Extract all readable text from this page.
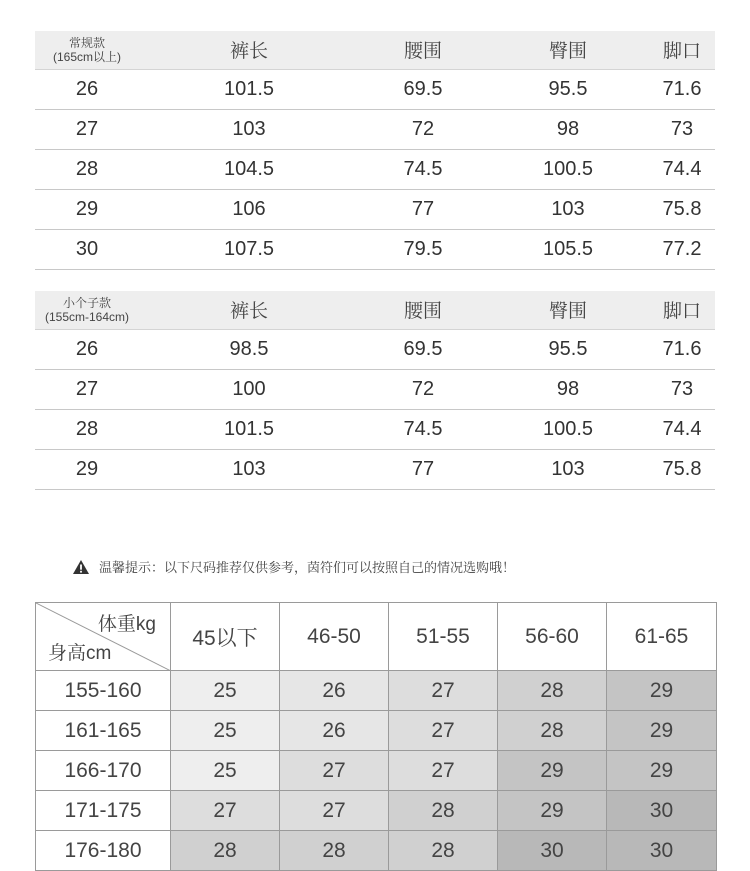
常规款
(165cm以上)	裤长	腰围	臀围	脚口
26	101.5	69.5	95.5	71.6
27	103	72	98	73
28	104.5	74.5	100.5	74.4
29	106	77	103	75.8
30	107.5	79.5	105.5	77.2
小个子款
(155cm-164cm)	裤长	腰围	臀围	脚口
26	98.5	69.5	95.5	71.6
27	100	72	98	73
28	101.5	74.5	100.5	74.4
29	103	77	103	75.8
温馨提示：以下尺码推荐仅供参考，茵符们可以按照自己的情况选购哦！
体重kg
身高cm	45以下	46-50	51-55	56-60	61-65
155-160	25	26	27	28	29
161-165	25	26	27	28	29
166-170	25	27	27	29	29
171-175	27	27	28	29	30
176-180	28	28	28	30	30
